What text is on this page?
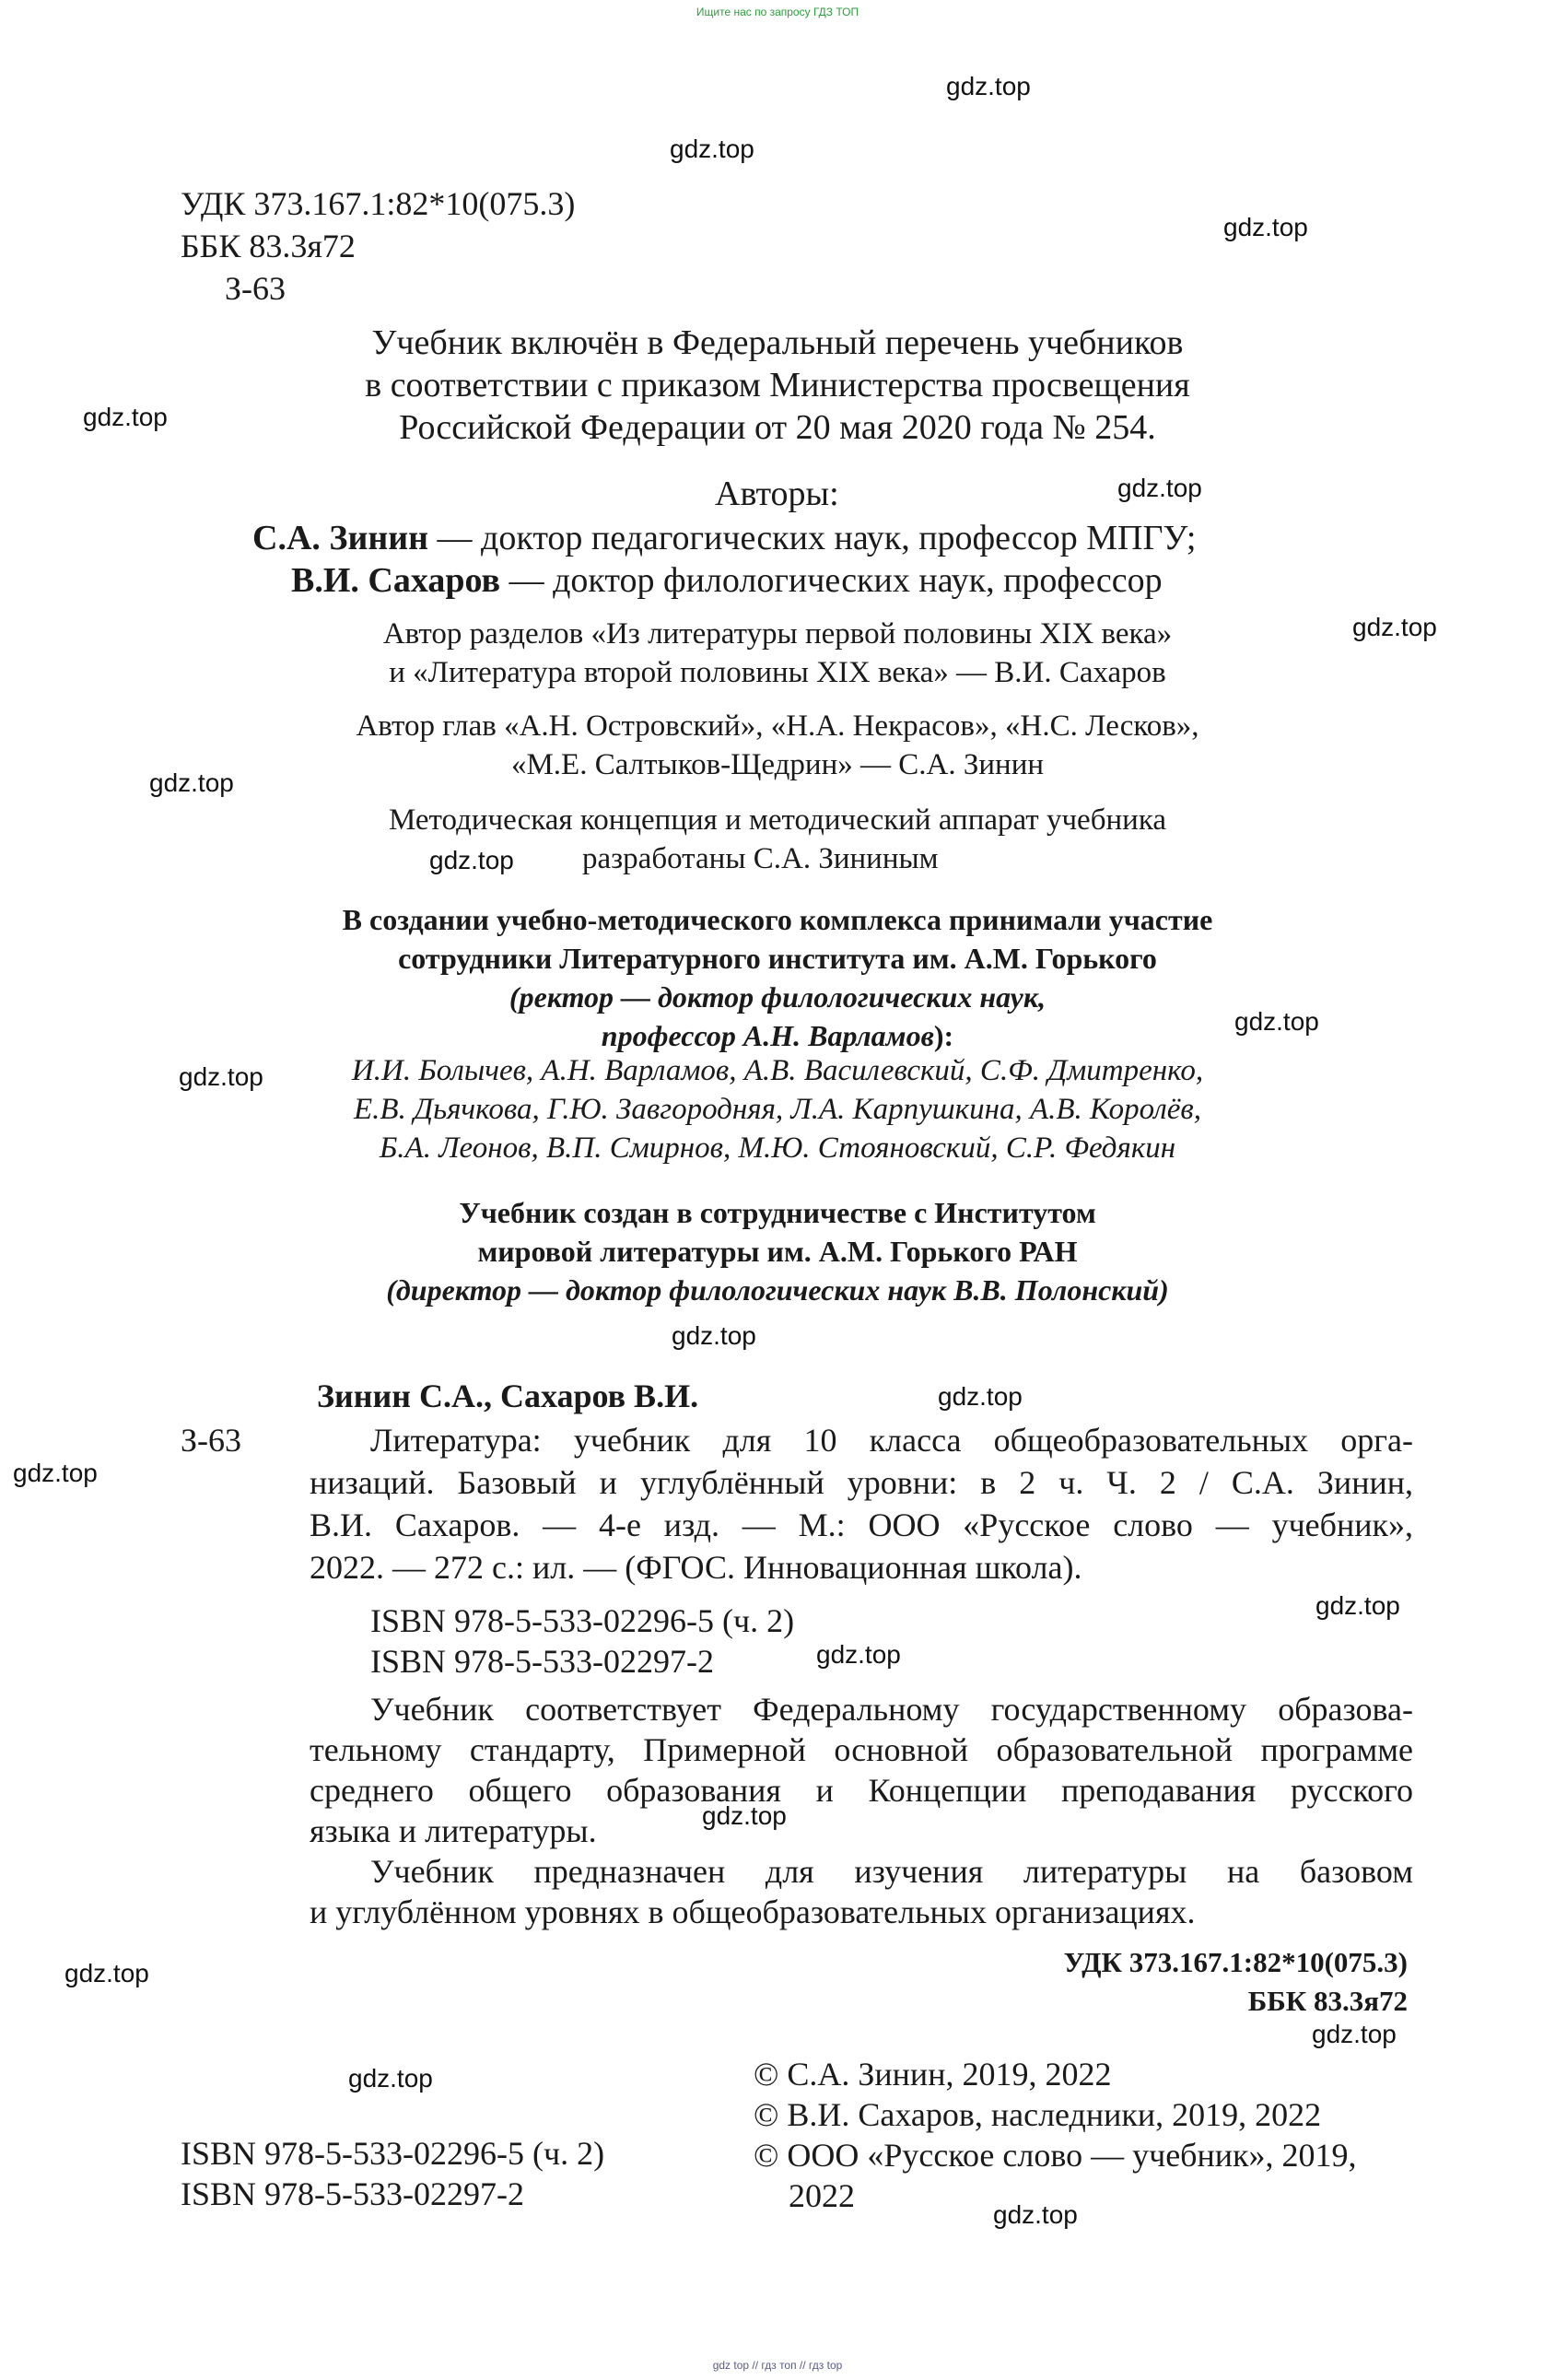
Ищите нас по запросу ГДЗ ТОП
gdz top // гдз топ // гдз top
gdz.top
gdz.top
gdz.top
gdz.top
gdz.top
gdz.top
gdz.top
gdz.top
gdz.top
gdz.top
gdz.top
gdz.top
gdz.top
gdz.top
gdz.top
gdz.top
gdz.top
gdz.top
gdz.top
gdz.top
УДК 373.167.1:82*10(075.3)
ББК 83.3я72
З-63
Учебник включён в Федеральный перечень учебников
в соответствии с приказом Министерства просвещения
Российской Федерации от 20 мая 2020 года № 254.
Авторы:
С.А. Зинин — доктор педагогических наук, профессор МПГУ;
В.И. Сахаров — доктор филологических наук, профессор
Автор разделов «Из литературы первой половины XIX века»
и «Литература второй половины XIX века» — В.И. Сахаров
Автор глав «А.Н. Островский», «Н.А. Некрасов», «Н.С. Лесков»,
«М.Е. Салтыков-Щедрин» — С.А. Зинин
Методическая концепция и методический аппарат учебника
разработаны С.А. Зининым
В создании учебно-методического комплекса принимали участие
сотрудники Литературного института им. А.М. Горького
(ректор — доктор филологических наук,
профессор А.Н. Варламов):
И.И. Болычев, А.Н. Варламов, А.В. Василевский, С.Ф. Дмитренко,
Е.В. Дьячкова, Г.Ю. Завгородняя, Л.А. Карпушкина, А.В. Королёв,
Б.А. Леонов, В.П. Смирнов, М.Ю. Стояновский, С.Р. Федякин
Учебник создан в сотрудничестве с Институтом
мировой литературы им. А.М. Горького РАН
(директор — доктор филологических наук В.В. Полонский)
Зинин С.А., Сахаров В.И.
З-63	Литература: учебник для 10 класса общеобразовательных орга-
низаций. Базовый и углублённый уровни: в 2 ч. Ч. 2 / С.А. Зинин,
В.И. Сахаров. — 4-е изд. — М.: ООО «Русское слово — учебник»,
2022. — 272 с.: ил. — (ФГОС. Инновационная школа).
ISBN 978-5-533-02296-5 (ч. 2)
ISBN 978-5-533-02297-2
Учебник соответствует Федеральному государственному образова-
тельному стандарту, Примерной основной образовательной программе
среднего общего образования и Концепции преподавания русского
языка и литературы.
Учебник предназначен для изучения литературы на базовом
и углублённом уровнях в общеобразовательных организациях.
УДК 373.167.1:82*10(075.3)
ББК 83.3я72
ISBN 978-5-533-02296-5 (ч. 2)
ISBN 978-5-533-02297-2
© С.А. Зинин, 2019, 2022
© В.И. Сахаров, наследники, 2019, 2022
© ООО «Русское слово — учебник», 2019,
2022
